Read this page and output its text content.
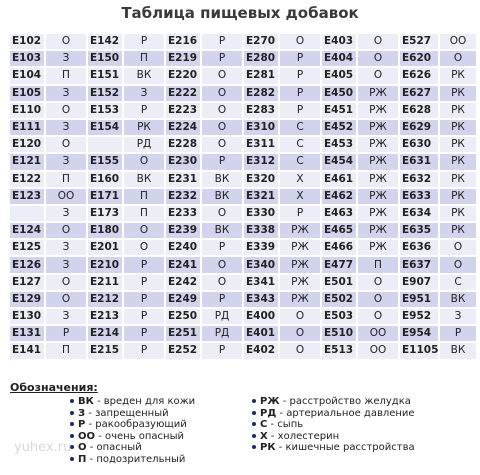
Таблица пищевых добавок
E102	О	E142	Р	E216	Р	E270	О	E403	О	E527	ОО
E103	З	E150	П	E219	Р	E280	Р	E404	О	E620	О
E104	П	E151	ВК	E220	О	E281	Р	E405	О	E626	РК
E105	З	E152	З	E222	О	E282	Р	E450	РЖ	E627	РК
E110	О	E153	Р	E223	О	E283	Р	E451	РЖ	E628	РК
E111	З	E154	РК	E224	О	E310	С	E452	РЖ	E629	РК
E120	О		РД	E228	О	E311	С	E453	РЖ	E630	РК
E121	З	E155	О	E230	Р	E312	С	E454	РЖ	E631	РК
E122	П	E160	ВК	E231	ВК	E320	Х	E461	РЖ	E632	РК
E123	ОО	E171	П	E232	ВК	E321	Х	E462	РЖ	E633	РК
	З	E173	П	E233	О	E330	Р	E463	РЖ	E634	РК
E124	О	E180	О	E239	ВК	E338	РЖ	E465	РЖ	E635	РК
E125	З	E201	О	E240	Р	E339	РЖ	E466	РЖ	E636	О
E126	З	E210	Р	E241	О	E340	РЖ	E477	П	E637	О
E127	О	E211	Р	E242	О	E341	РЖ	E501	О	E907	С
E129	О	E212	Р	E249	Р	E343	РЖ	E502	О	E951	ВК
E130	З	E213	Р	E250	РД	E400	О	E503	О	E952	З
E131	Р	E214	Р	E251	РД	E401	О	E510	ОО	E954	Р
E141	П	E215	Р	E252	Р	E402	О	E513	ОО	E1105	ВК
Обозначения:
ВК - вреден для кожи
З - запрещенный
Р - ракообразующий
ОО - очень опасный
О - опасный
П - подозрительный
РЖ - расстройство желудка
РД - артериальное давление
С - сыпь
Х - холестерин
РК - кишечные расстройства
yuhex.ru
